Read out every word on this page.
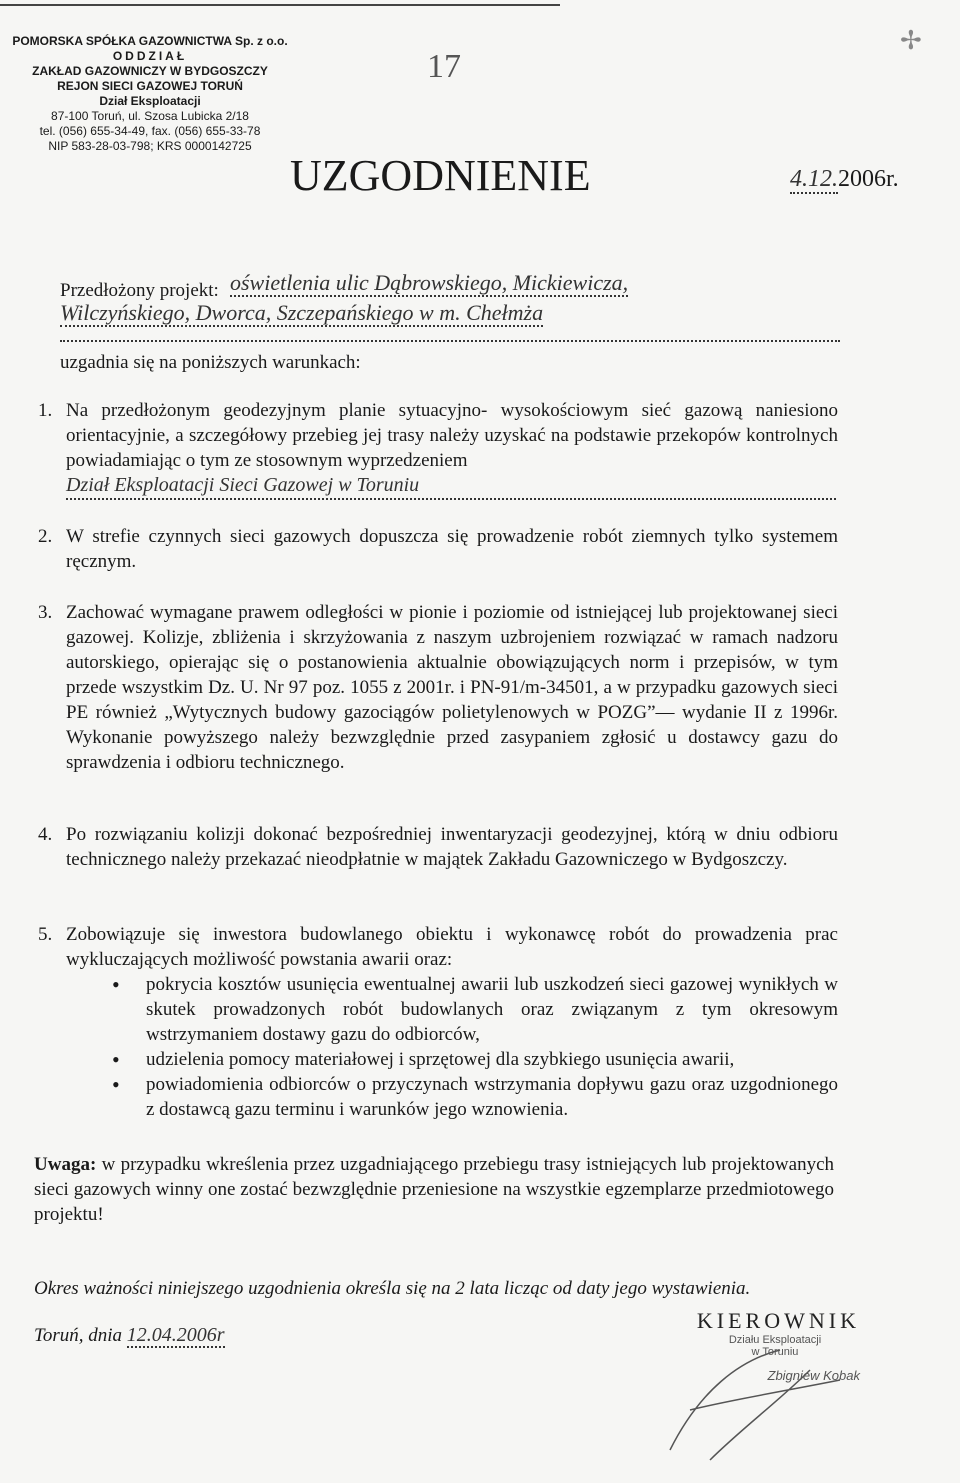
POMORSKA SPÓŁKA GAZOWNICTWA Sp. z o.o.
ODDZIAŁ
ZAKŁAD GAZOWNICZY W BYDGOSZCZY
REJON SIECI GAZOWEJ TORUŃ
Dział Eksploatacji
87-100 Toruń, ul. Szosa Lubicka 2/18
tel. (056) 655-34-49, fax. (056) 655-33-78
NIP 583-28-03-798; KRS 0000142725
17
✢
UZGODNIENIE	4.12.2006r.
Przedłożony projekt: oświetlenia ulic Dąbrowskiego, Mickiewicza,
Wilczyńskiego, Dworca, Szczepańskiego w m. Chełmża
uzgadnia się na poniższych warunkach:
1. Na przedłożonym geodezyjnym planie sytuacyjno- wysokościowym sieć gazową naniesiono orientacyjnie, a szczegółowy przebieg jej trasy należy uzyskać na podstawie przekopów kontrolnych powiadamiając o tym ze stosownym wyprzedzeniem
Dział Eksploatacji Sieci Gazowej w Toruniu
2. W strefie czynnych sieci gazowych dopuszcza się prowadzenie robót ziemnych tylko systemem ręcznym.
3. Zachować wymagane prawem odległości w pionie i poziomie od istniejącej lub projektowanej sieci gazowej. Kolizje, zbliżenia i skrzyżowania z naszym uzbrojeniem rozwiązać w ramach nadzoru autorskiego, opierając się o postanowienia aktualnie obowiązujących norm i przepisów, w tym przede wszystkim Dz. U. Nr 97 poz. 1055 z 2001r. i PN-91/m-34501, a w przypadku gazowych sieci PE również „Wytycznych budowy gazociągów polietylenowych w POZG”— wydanie II z 1996r. Wykonanie powyższego należy bezwzględnie przed zasypaniem zgłosić u dostawcy gazu do sprawdzenia i odbioru technicznego.
4. Po rozwiązaniu kolizji dokonać bezpośredniej inwentaryzacji geodezyjnej, którą w dniu odbioru technicznego należy przekazać nieodpłatnie w majątek Zakładu Gazowniczego w Bydgoszczy.
5. Zobowiązuje się inwestora budowlanego obiektu i wykonawcę robót do prowadzenia prac wykluczających możliwość powstania awarii oraz:
• pokrycia kosztów usunięcia ewentualnej awarii lub uszkodzeń sieci gazowej wynikłych w skutek prowadzonych robót budowlanych oraz związanym z tym okresowym wstrzymaniem dostawy gazu do odbiorców,
• udzielenia pomocy materiałowej i sprzętowej dla szybkiego usunięcia awarii,
• powiadomienia odbiorców o przyczynach wstrzymania dopływu gazu oraz uzgodnionego z dostawcą gazu terminu i warunków jego wznowienia.
Uwaga: w przypadku wkreślenia przez uzgadniającego przebiegu trasy istniejących lub projektowanych sieci gazowych winny one zostać bezwzględnie przeniesione na wszystkie egzemplarze przedmiotowego projektu!
Okres ważności niniejszego uzgodnienia określa się na 2 lata licząc od daty jego wystawienia.
Toruń, dnia 12.04.2006r
KIEROWNIK
Działu Eksploatacji
w Toruniu
Zbigniew Kobak
